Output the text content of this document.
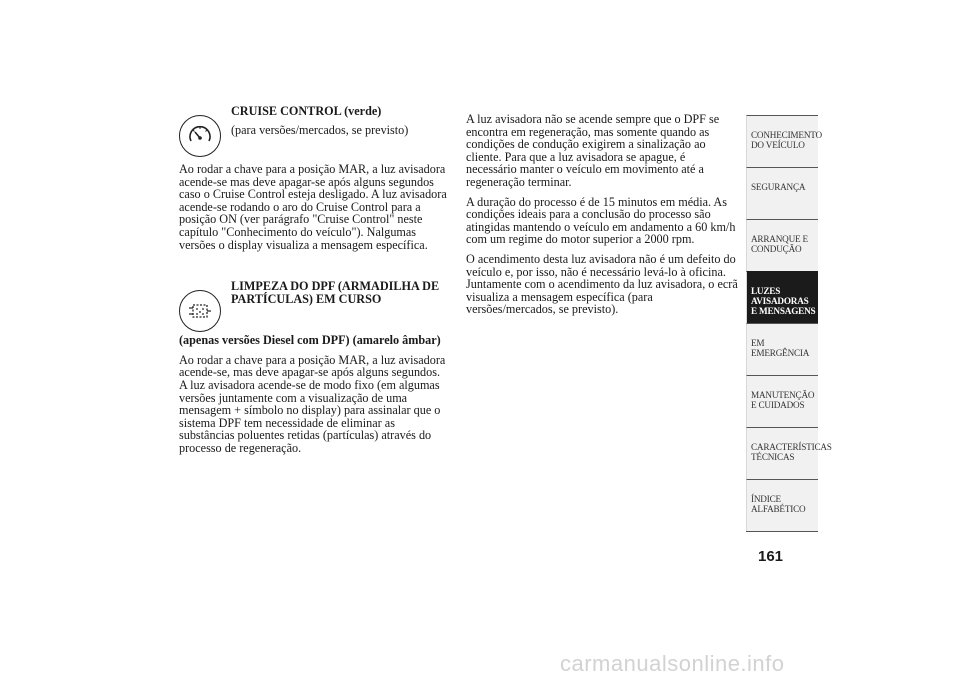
CRUISE CONTROL (verde)

(para versões/mercados, se previsto)

Ao rodar a chave para a posição MAR, a luz avisadora acende-se mas deve apagar-se após alguns segundos caso o Cruise Control esteja desligado. A luz avisadora acende-se rodando o aro do Cruise Control para a posição ON (ver parágrafo "Cruise Control" neste capítulo "Conhecimento do veículo"). Nalgumas versões o display visualiza a mensagem específica.

LIMPEZA DO DPF (ARMADILHA DE PARTÍCULAS) EM CURSO

(apenas versões Diesel com DPF) (amarelo âmbar)

Ao rodar a chave para a posição MAR, a luz avisadora acende-se, mas deve apagar-se após alguns segundos. A luz avisadora acende-se de modo fixo (em algumas versões juntamente com a visualização de uma mensagem + símbolo no display) para assinalar que o sistema DPF tem necessidade de eliminar as substâncias poluentes retidas (partículas) através do processo de regeneração.

A luz avisadora não se acende sempre que o DPF se encontra em regeneração, mas somente quando as condições de condução exigirem a sinalização ao cliente. Para que a luz avisadora se apague, é necessário manter o veículo em movimento até a regeneração terminar.

A duração do processo é de 15 minutos em média. As condições ideais para a conclusão do processo são atingidas mantendo o veículo em andamento a 60 km/h com um regime do motor superior a 2000 rpm.

O acendimento desta luz avisadora não é um defeito do veículo e, por isso, não é necessário levá-lo à oficina. Juntamente com o acendimento da luz avisadora, o ecrã visualiza a mensagem específica (para versões/mercados, se previsto).

CONHECIMENTO DO VEÍCULO
SEGURANÇA
ARRANQUE E CONDUÇÃO
LUZES AVISADORAS E MENSAGENS
EM EMERGÊNCIA
MANUTENÇÃO E CUIDADOS
CARACTERÍSTICAS TÉCNICAS
ÍNDICE ALFABÉTICO
161
carmanualsonline.info
